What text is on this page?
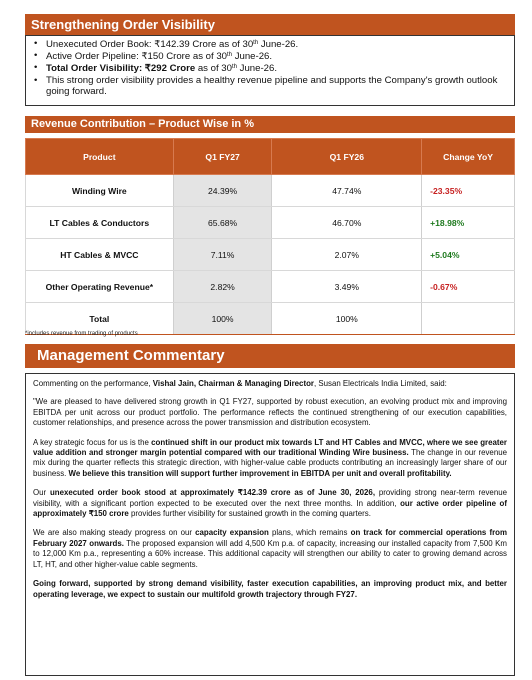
Strengthening Order Visibility
• Unexecuted Order Book: ₹142.39 Crore as of 30th June-26.
• Active Order Pipeline: ₹150 Crore as of 30th June-26.
• Total Order Visibility: ₹292 Crore as of 30th June-26.
• This strong order visibility provides a healthy revenue pipeline and supports the Company's growth outlook going forward.
Revenue Contribution – Product Wise in %
Product	Q1 FY27	Q1 FY26	Change YoY
Winding Wire	24.39%	47.74%	-23.35%
LT Cables & Conductors	65.68%	46.70%	+18.98%
HT Cables & MVCC	7.11%	2.07%	+5.04%
Other Operating Revenue*	2.82%	3.49%	-0.67%
Total	100%	100%	
*includes revenue from trading of products
Management Commentary

Commenting on the performance, Vishal Jain, Chairman & Managing Director, Susan Electricals India Limited, said:

"We are pleased to have delivered strong growth in Q1 FY27, supported by robust execution, an evolving product mix and improving EBITDA per unit across our product portfolio. The performance reflects the continued strengthening of our execution capabilities, customer relationships, and presence across the power transmission and distribution ecosystem.

A key strategic focus for us is the continued shift in our product mix towards LT and HT Cables and MVCC, where we see greater value addition and stronger margin potential compared with our traditional Winding Wire business. The change in our revenue mix during the quarter reflects this strategic direction, with higher-value cable products contributing an increasingly larger share of our business. We believe this transition will support further improvement in EBITDA per unit and overall profitability.

Our unexecuted order book stood at approximately ₹142.39 crore as of June 30, 2026, providing strong near-term revenue visibility, with a significant portion expected to be executed over the next three months. In addition, our active order pipeline of approximately ₹150 crore provides further visibility for sustained growth in the coming quarters.

We are also making steady progress on our capacity expansion plans, which remains on track for commercial operations from February 2027 onwards. The proposed expansion will add 4,500 Km p.a. of capacity, increasing our installed capacity from 7,500 Km to 12,000 Km p.a., representing a 60% increase. This additional capacity will strengthen our ability to cater to growing demand across LT, HT, and other higher-value cable segments.

Going forward, supported by strong demand visibility, faster execution capabilities, an improving product mix, and better operating leverage, we expect to sustain our multifold growth trajectory through FY27.
